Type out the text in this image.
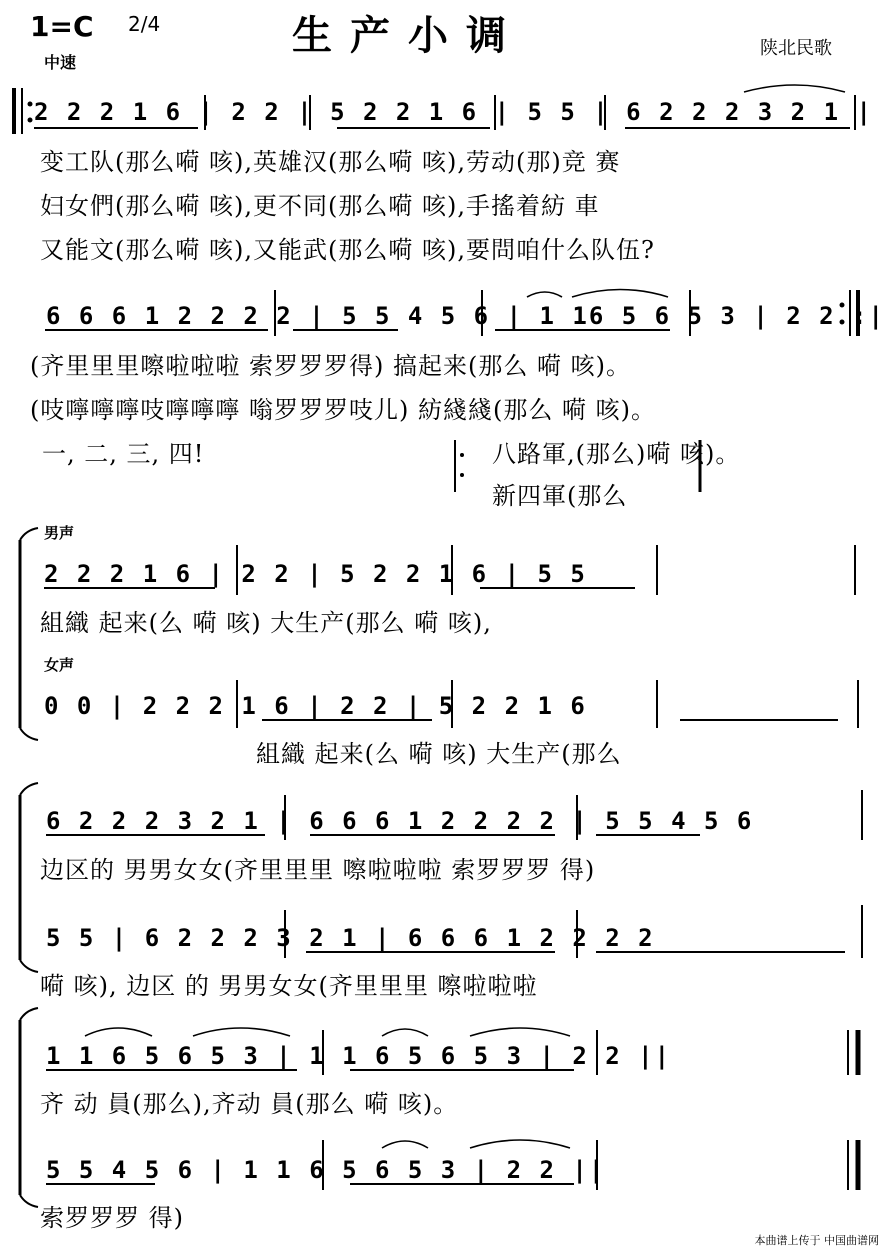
1=C 2/4	生产小调
中速
陕北民歌
2 2 2 1 6 | 2 2 | 5 2 2 1 6 | 5 5 | 6 2 2 2 3 2 1 |
变工队(那么嗬 咳),英雄汉(那么嗬 咳),劳动(那)竞 赛
妇女們(那么嗬 咳),更不同(那么嗬 咳),手搖着紡 車
又能文(那么嗬 咳),又能武(那么嗬 咳),要問咱什么队伍?
6 6 6 1 2 2 2 2 | 5 5 4 5 6 | 1 16 5 6 5 3 | 2 2 :|
(齐里里里嚓啦啦啦 索罗罗罗得) 搞起来(那么 嗬 咳)。
(吱嚀嚀嚀吱嚀嚀嚀 嗡罗罗罗吱儿) 紡綫綫(那么 嗬 咳)。
一, 二, 三, 四!	八路軍,(那么)嗬 咳)。
新四軍(那么
男声
2 2 2 1 6 | 2 2 | 5 2 2 1 6 | 5 5
組織 起来(么 嗬 咳) 大生产(那么 嗬 咳),
女声
0 0 | 2 2 2 1 6 | 2 2 | 5 2 2 1 6
組織 起来(么 嗬 咳) 大生产(那么
6 2 2 2 3 2 1 | 6 6 6 1 2 2 2 2 | 5 5 4 5 6
边区的 男男女女(齐里里里 嚓啦啦啦 索罗罗罗 得)
5 5 | 6 2 2 2 3 2 1 | 6 6 6 1 2 2 2 2
嗬 咳), 边区 的 男男女女(齐里里里 嚓啦啦啦
1 1 6 5 6 5 3 | 1 1 6 5 6 5 3 | 2 2 ||
齐 动 員(那么),齐动 員(那么 嗬 咳)。
5 5 4 5 6 | 1 1 6 5 6 5 3 | 2 2 ||
索罗罗罗 得)
本曲谱上传于 中国曲谱网
